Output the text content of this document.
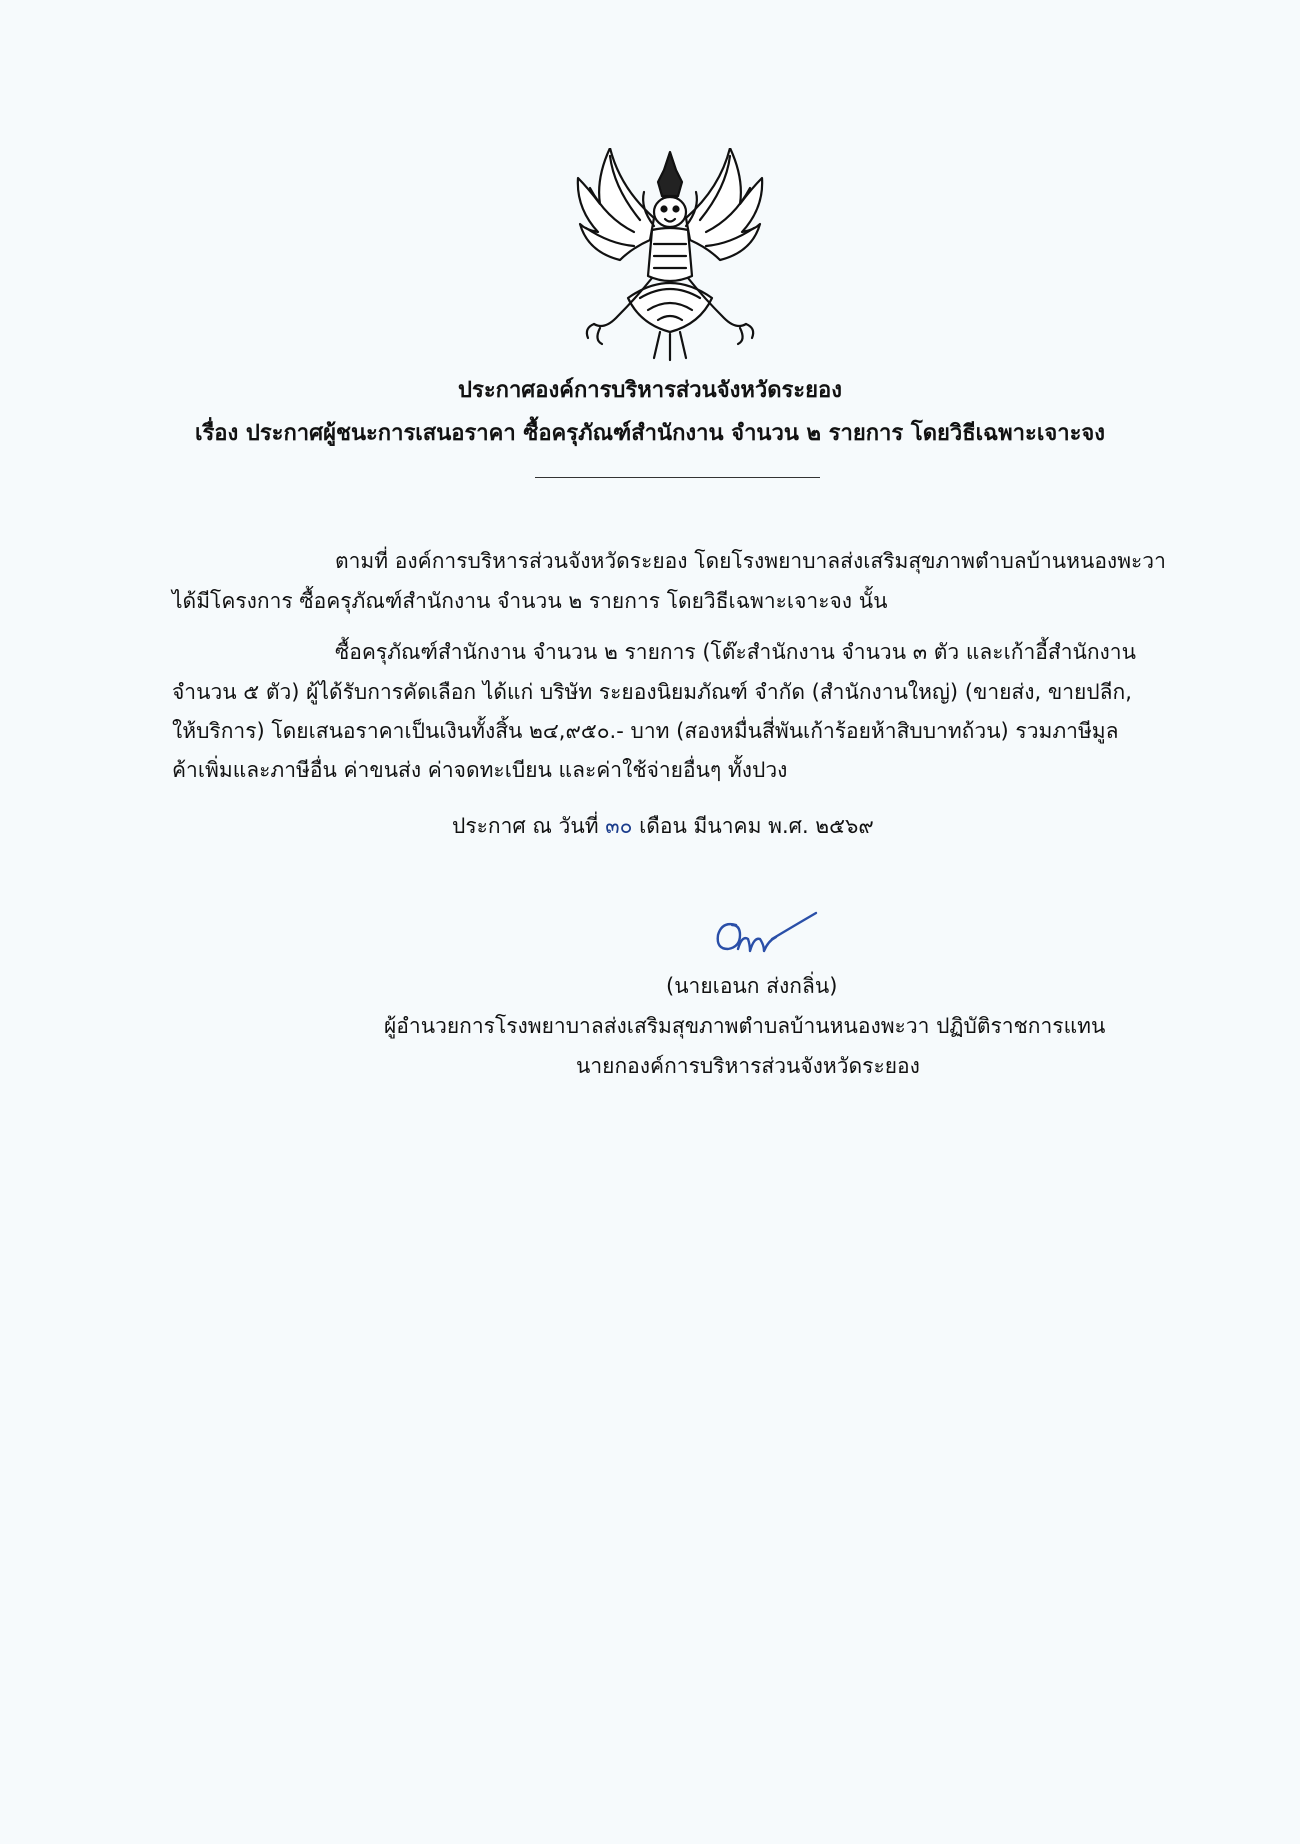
ประกาศองค์การบริหารส่วนจังหวัดระยอง
เรื่อง ประกาศผู้ชนะการเสนอราคา ซื้อครุภัณฑ์สำนักงาน จำนวน ๒ รายการ โดยวิธีเฉพาะเจาะจง
ตามที่ องค์การบริหารส่วนจังหวัดระยอง โดยโรงพยาบาลส่งเสริมสุขภาพตำบลบ้านหนองพะวา
ได้มีโครงการ ซื้อครุภัณฑ์สำนักงาน จำนวน ๒ รายการ โดยวิธีเฉพาะเจาะจง นั้น
ซื้อครุภัณฑ์สำนักงาน จำนวน ๒ รายการ (โต๊ะสำนักงาน จำนวน ๓ ตัว และเก้าอี้สำนักงาน
จำนวน ๕ ตัว) ผู้ได้รับการคัดเลือก ได้แก่ บริษัท ระยองนิยมภัณฑ์ จำกัด (สำนักงานใหญ่) (ขายส่ง, ขายปลีก,
ให้บริการ) โดยเสนอราคาเป็นเงินทั้งสิ้น ๒๔,๙๕๐.- บาท (สองหมื่นสี่พันเก้าร้อยห้าสิบบาทถ้วน) รวมภาษีมูล
ค้าเพิ่มและภาษีอื่น ค่าขนส่ง ค่าจดทะเบียน และค่าใช้จ่ายอื่นๆ ทั้งปวง
ประกาศ ณ วันที่ ๓๐ เดือน มีนาคม พ.ศ. ๒๕๖๙
(นายเอนก ส่งกลิ่น)
ผู้อำนวยการโรงพยาบาลส่งเสริมสุขภาพตำบลบ้านหนองพะวา ปฏิบัติราชการแทน
นายกองค์การบริหารส่วนจังหวัดระยอง
